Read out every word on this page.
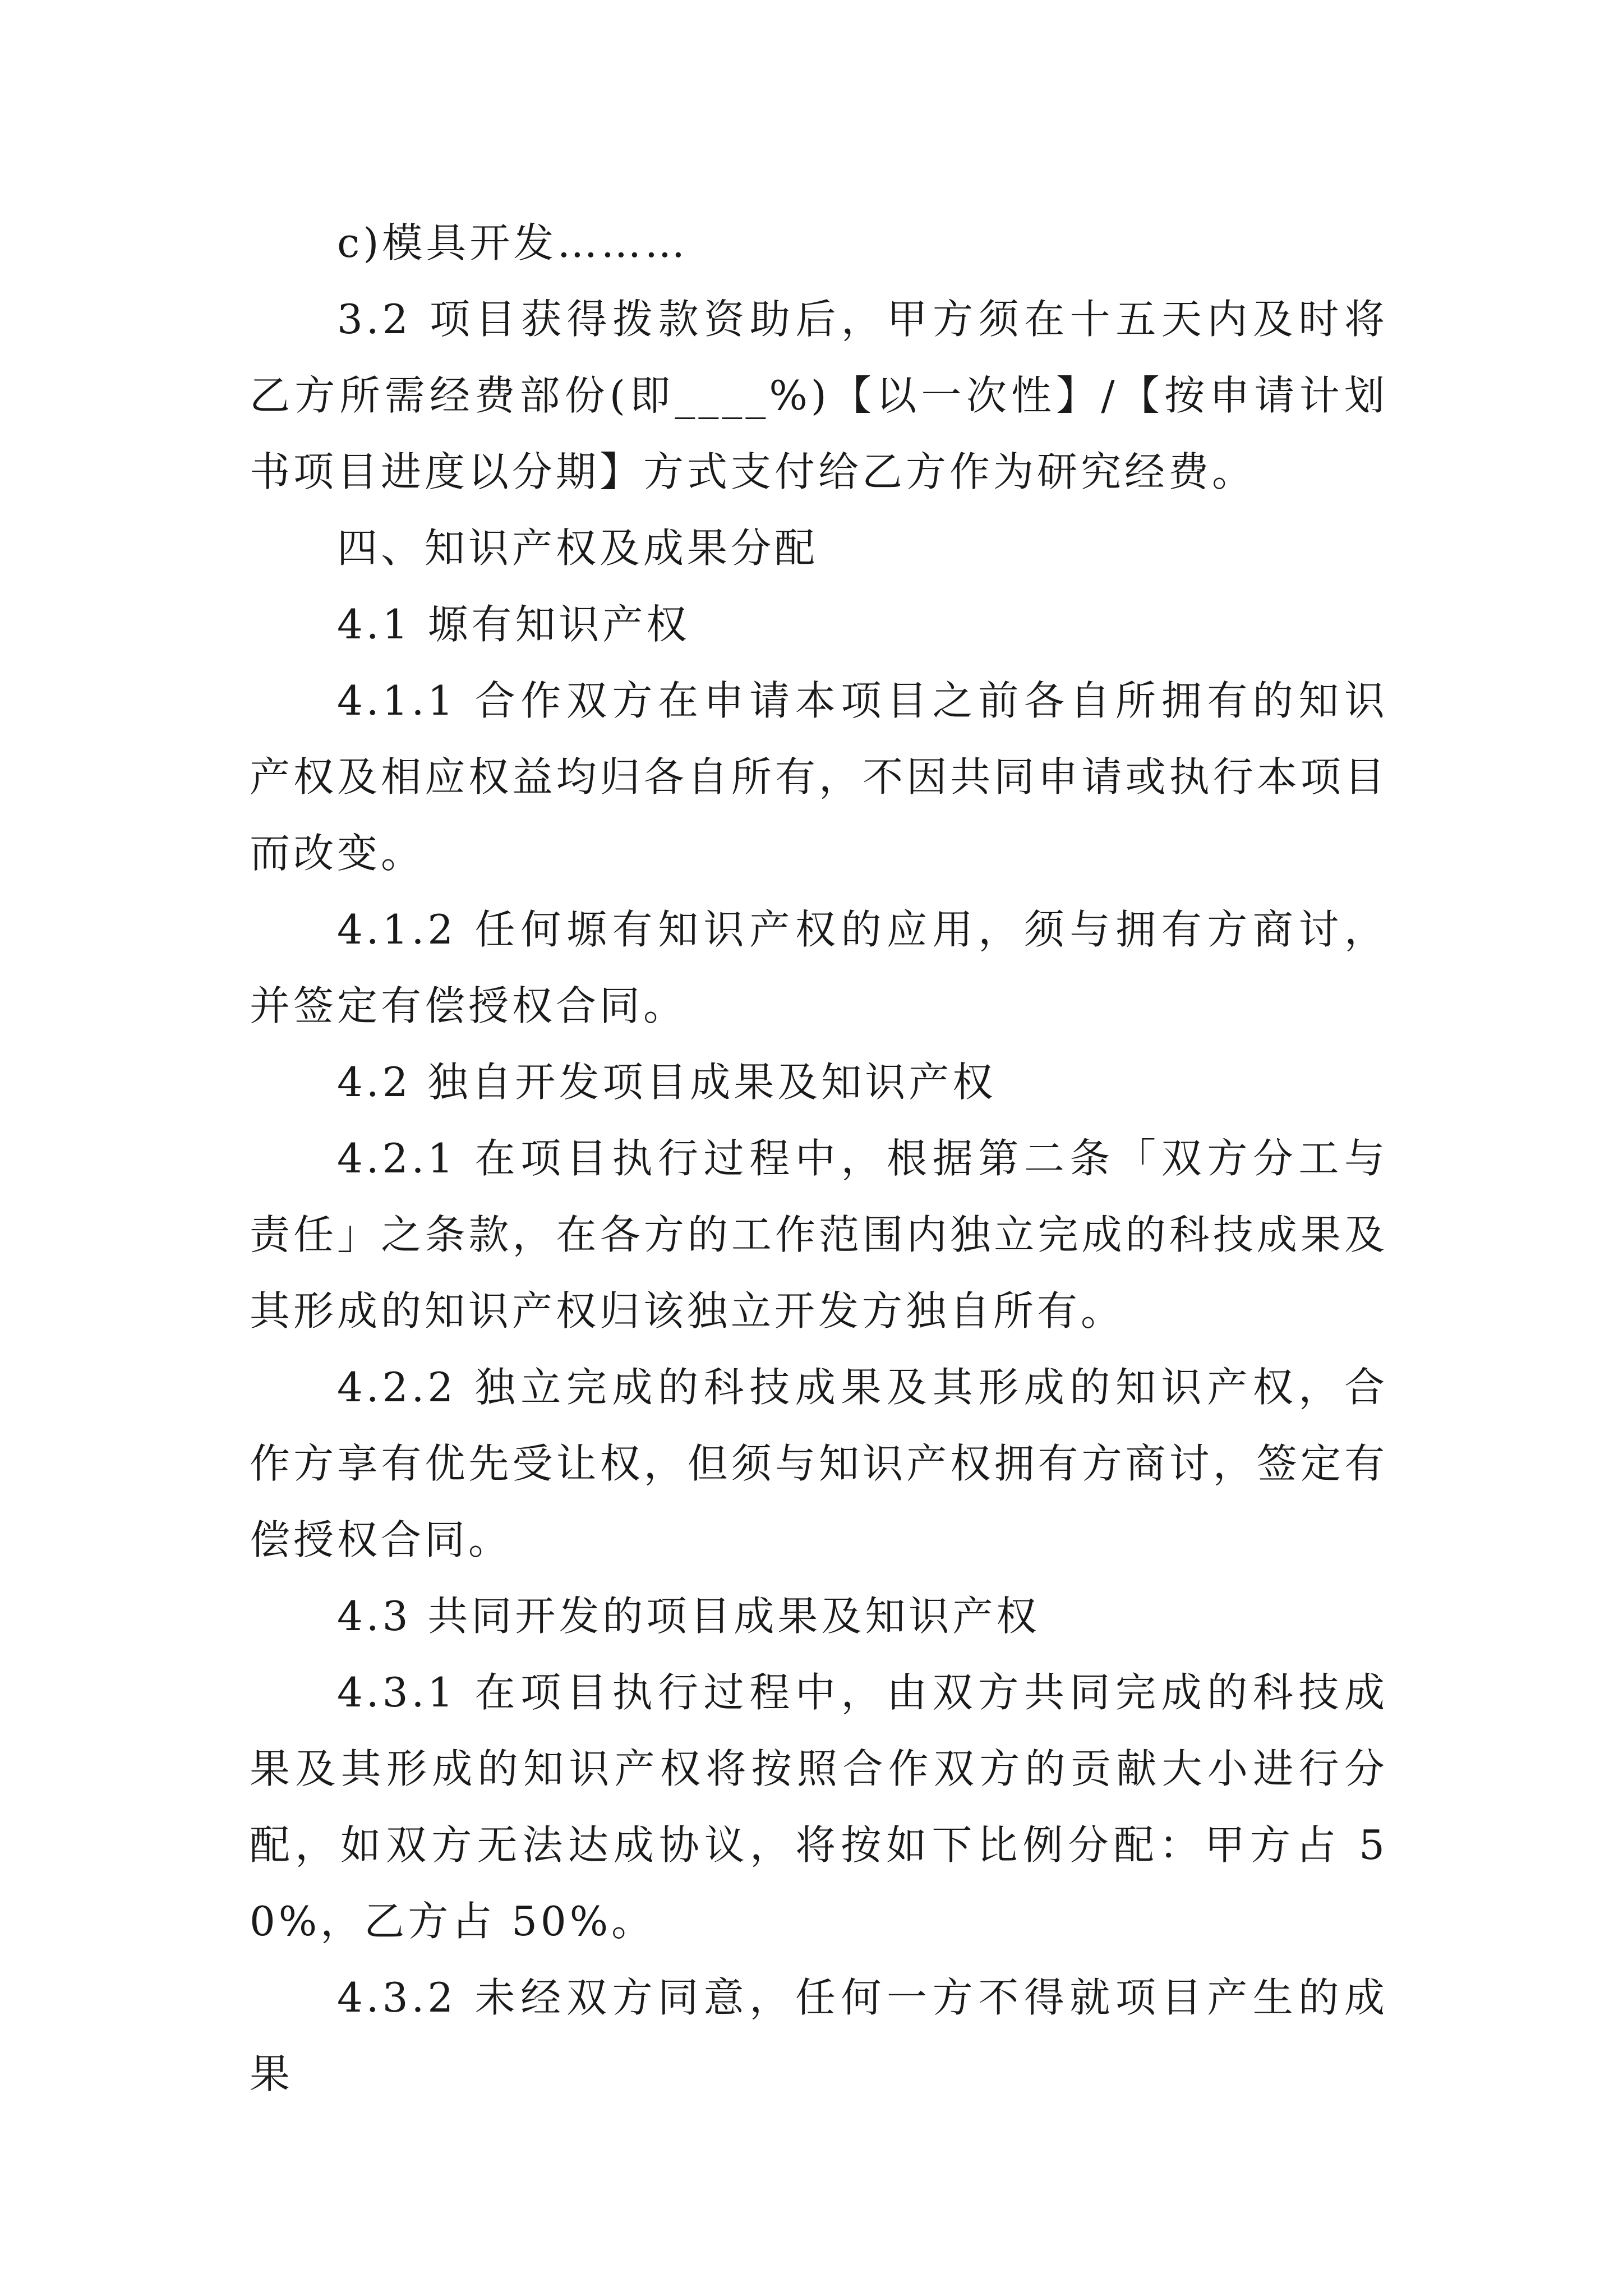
c)模具开发………

3.2 项目获得拨款资助后，甲方须在十五天内及时将乙方所需经费部份(即____%)【以一次性】/【按申请计划书项目进度以分期】方式支付给乙方作为研究经费。

四、知识产权及成果分配

4.1 塬有知识产权

4.1.1 合作双方在申请本项目之前各自所拥有的知识产权及相应权益均归各自所有，不因共同申请或执行本项目而改变。

4.1.2 任何塬有知识产权的应用，须与拥有方商讨，并签定有偿授权合同。

4.2 独自开发项目成果及知识产权

4.2.1 在项目执行过程中，根据第二条「双方分工与责任」之条款，在各方的工作范围内独立完成的科技成果及其形成的知识产权归该独立开发方独自所有。

4.2.2 独立完成的科技成果及其形成的知识产权，合作方享有优先受让权，但须与知识产权拥有方商讨，签定有偿授权合同。

4.3 共同开发的项目成果及知识产权

4.3.1 在项目执行过程中，由双方共同完成的科技成果及其形成的知识产权将按照合作双方的贡献大小进行分配，如双方无法达成协议，将按如下比例分配：甲方占 50%，乙方占 50%。

4.3.2 未经双方同意，任何一方不得就项目产生的成果
